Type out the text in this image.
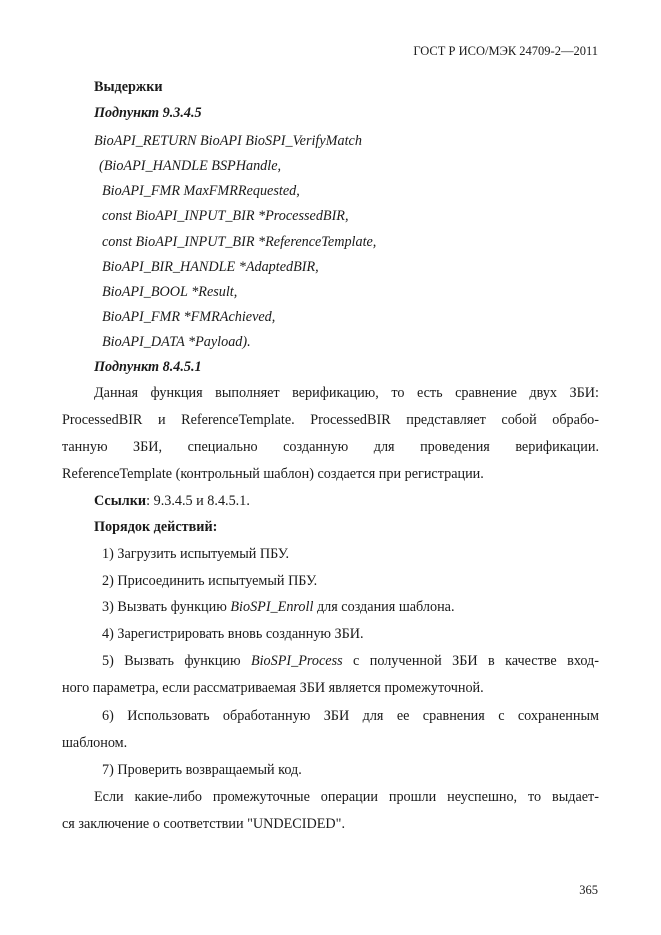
ГОСТ Р ИСО/МЭК 24709-2—2011
Выдержки
Подпункт 9.3.4.5
BioAPI_RETURN BioAPI BioSPI_VerifyMatch
(BioAPI_HANDLE BSPHandle,
BioAPI_FMR MaxFMRRequested,
const BioAPI_INPUT_BIR *ProcessedBIR,
const BioAPI_INPUT_BIR *ReferenceTemplate,
BioAPI_BIR_HANDLE *AdaptedBIR,
BioAPI_BOOL *Result,
BioAPI_FMR *FMRAchieved,
BioAPI_DATA *Payload).
Подпункт 8.4.5.1
Данная функция выполняет верификацию, то есть сравнение двух ЗБИ:
ProcessedBIR и ReferenceTemplate. ProcessedBIR представляет собой обрабо-
танную ЗБИ, специально созданную для проведения верификации.
ReferenceTemplate (контрольный шаблон) создается при регистрации.
Ссылки: 9.3.4.5 и 8.4.5.1.
Порядок действий:
1) Загрузить испытуемый ПБУ.
2) Присоединить испытуемый ПБУ.
3) Вызвать функцию BioSPI_Enroll для создания шаблона.
4) Зарегистрировать вновь созданную ЗБИ.
5) Вызвать функцию BioSPI_Process с полученной ЗБИ в качестве вход-
ного параметра, если рассматриваемая ЗБИ является промежуточной.
6) Использовать обработанную ЗБИ для ее сравнения с сохраненным
шаблоном.
7) Проверить возвращаемый код.
Если какие-либо промежуточные операции прошли неуспешно, то выдает-
ся заключение о соответствии "UNDECIDED".
365
